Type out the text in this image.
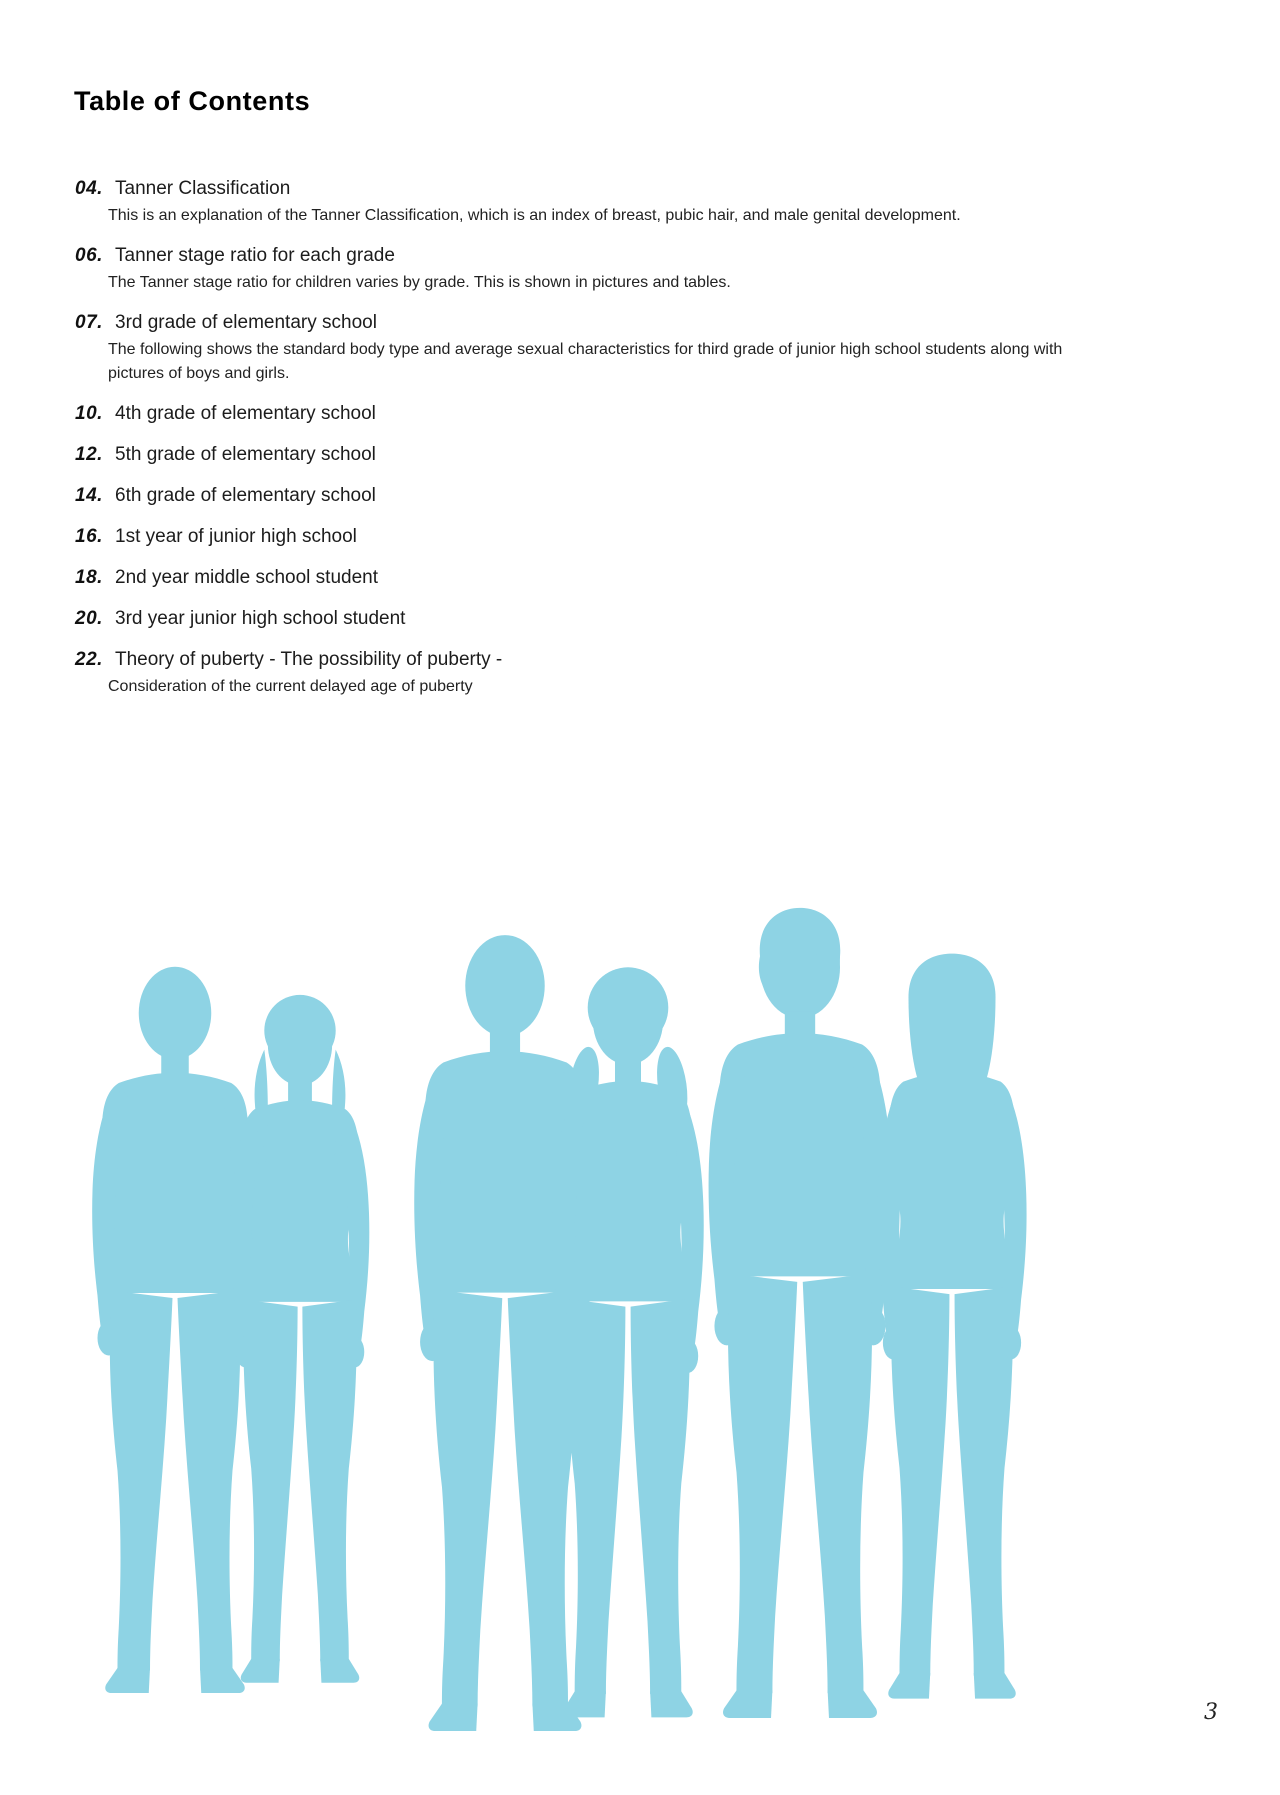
Table of Contents
04. Tanner Classification
This is an explanation of the Tanner Classification, which is an index of breast, pubic hair, and male genital development.
06. Tanner stage ratio for each grade
The Tanner stage ratio for children varies by grade. This is shown in pictures and tables.
07. 3rd grade of elementary school
The following shows the standard body type and average sexual characteristics for third grade of junior high school students along with pictures of boys and girls.
10. 4th grade of elementary school
12. 5th grade of elementary school
14. 6th grade of elementary school
16. 1st year of junior high school
18. 2nd year middle school student
20. 3rd year junior high school student
22. Theory of puberty - The possibility of puberty -
Consideration of the current delayed age of puberty
3
